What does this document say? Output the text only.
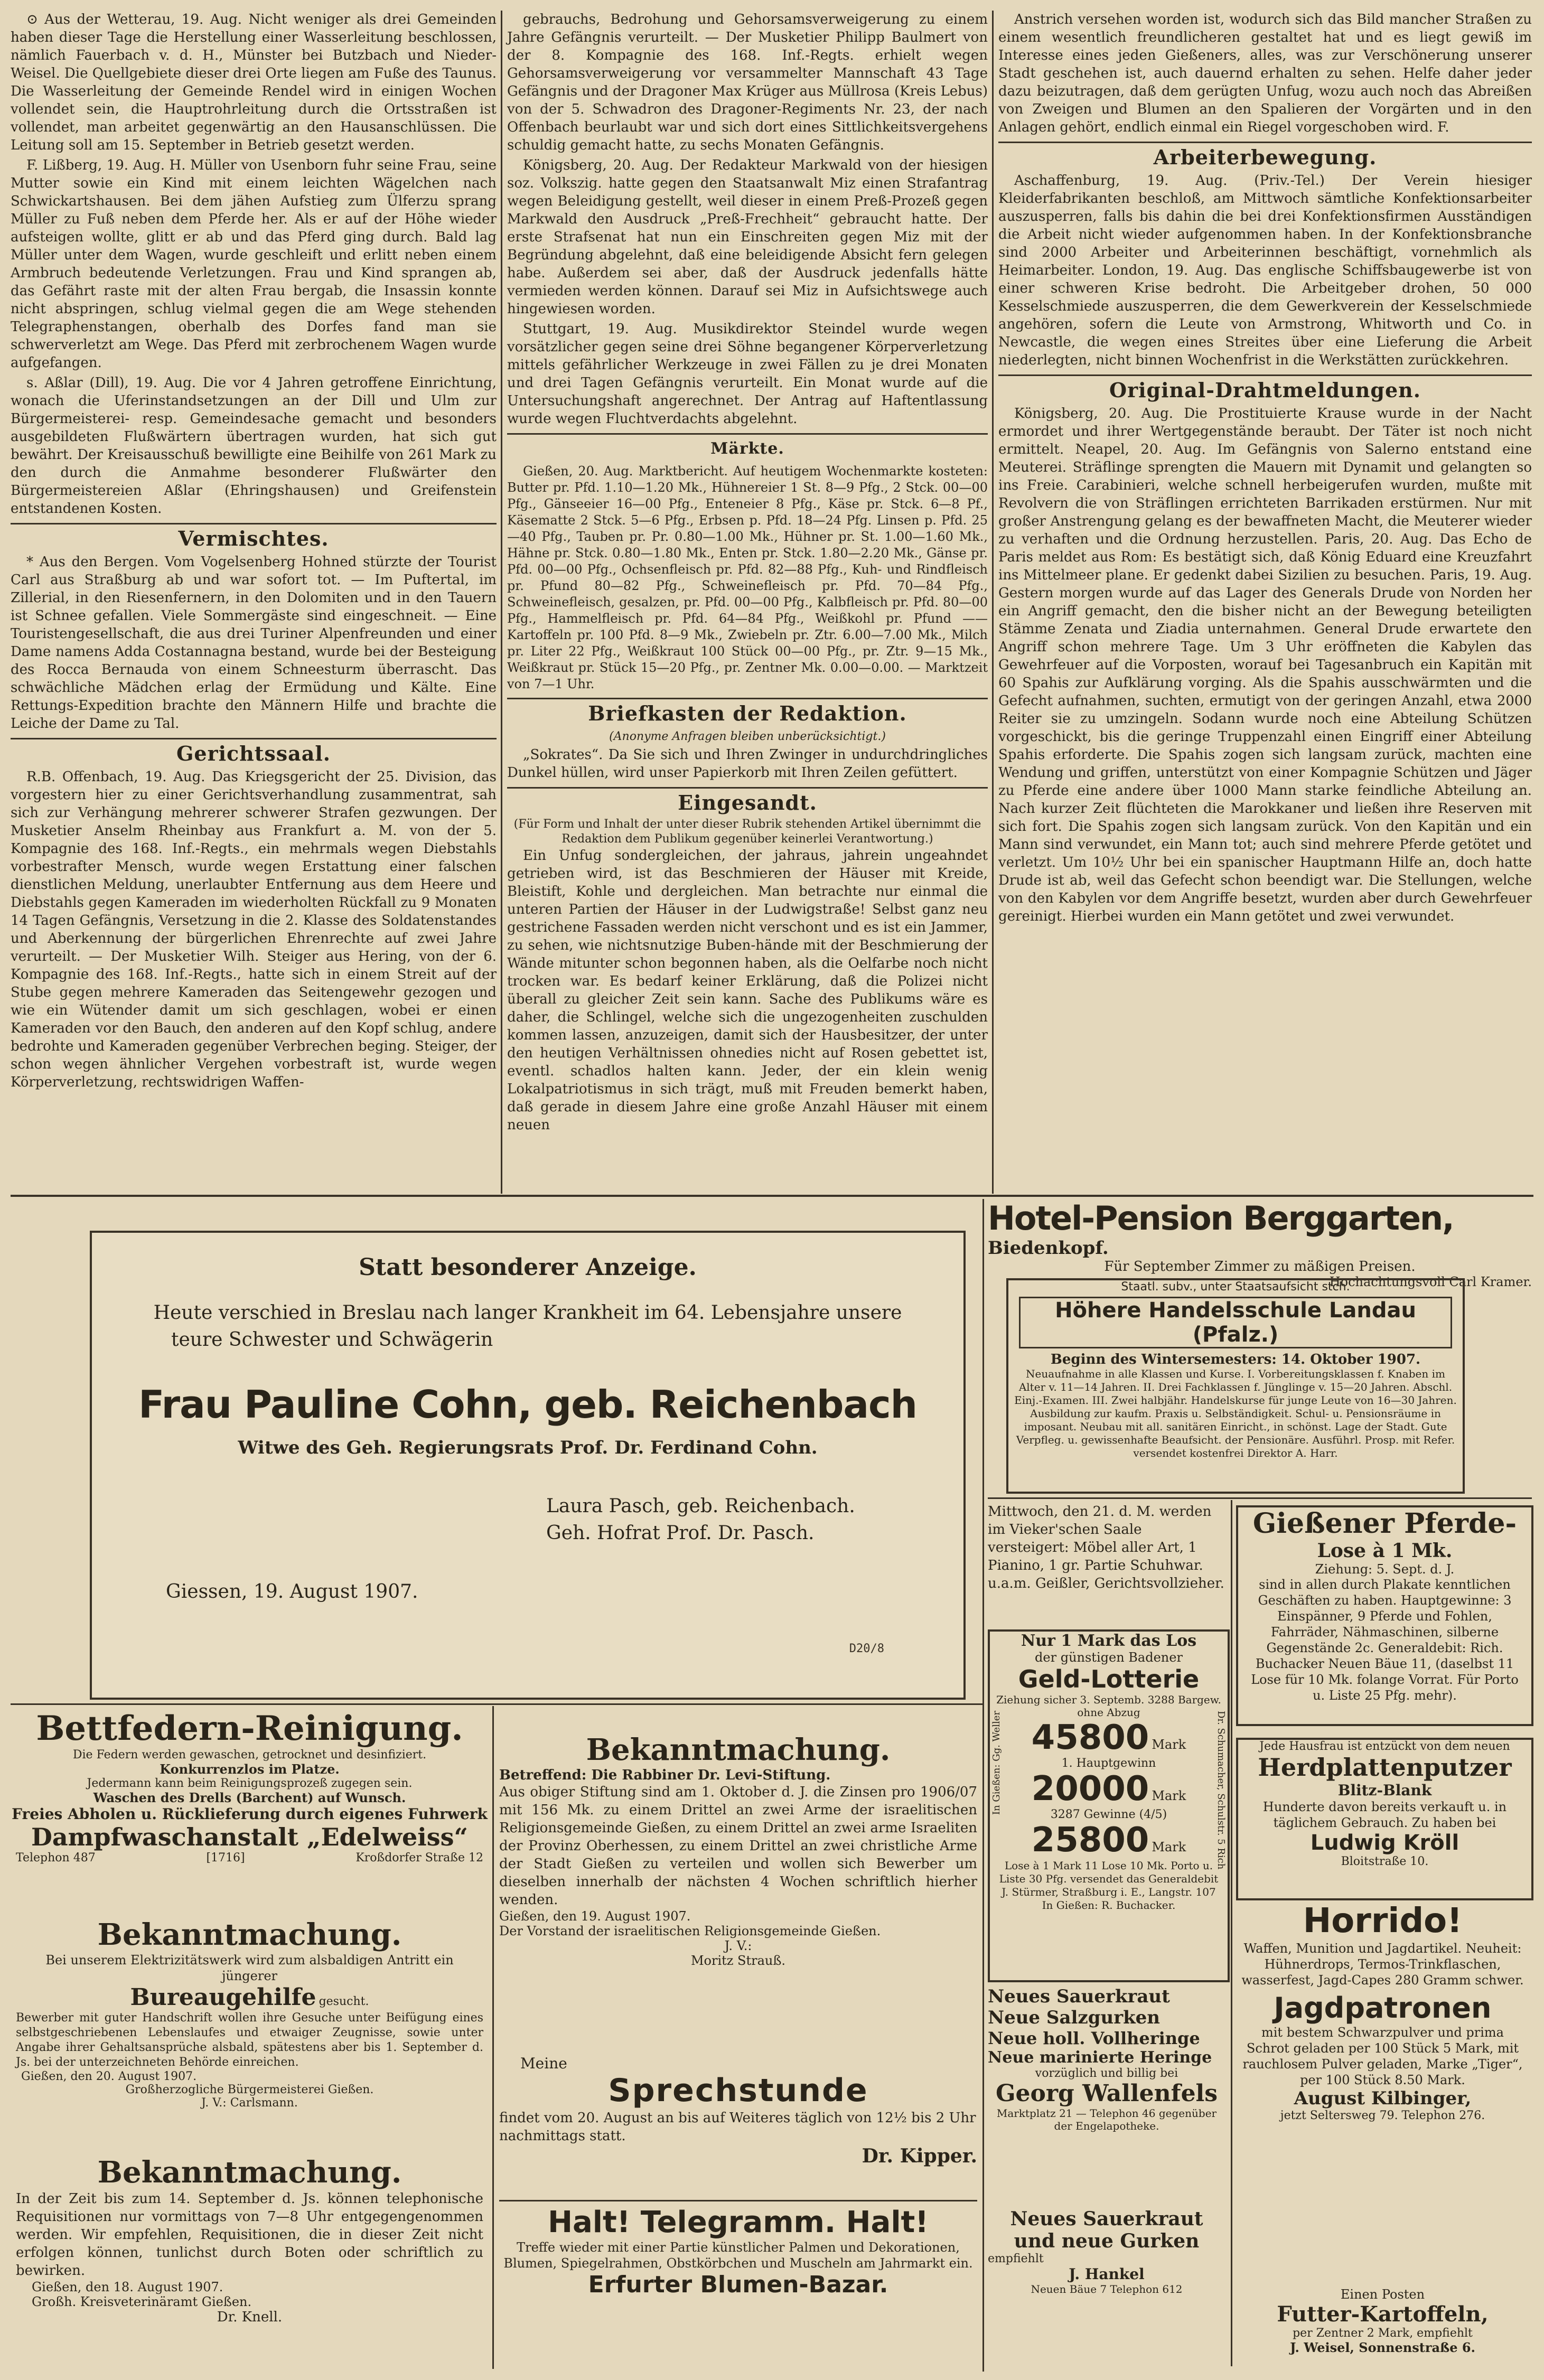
⊙ Aus der Wetterau, 19. Aug. Nicht weniger als drei Gemeinden haben dieser Tage die Herstellung einer Wasserleitung beschlossen, nämlich Fauerbach v. d. H., Münster bei Butzbach und Nieder-Weisel. Die Quellgebiete dieser drei Orte liegen am Fuße des Taunus. Die Wasserleitung der Gemeinde Rendel wird in einigen Wochen vollendet sein, die Hauptrohrleitung durch die Ortsstraßen ist vollendet, man arbeitet gegenwärtig an den Hausanschlüssen. Die Leitung soll am 15. September in Betrieb gesetzt werden.

F. Lißberg, 19. Aug. H. Müller von Usenborn fuhr seine Frau, seine Mutter sowie ein Kind mit einem leichten Wägelchen nach Schwickartshausen. Bei dem jähen Aufstieg zum Ülferzu sprang Müller zu Fuß neben dem Pferde her. Als er auf der Höhe wieder aufsteigen wollte, glitt er ab und das Pferd ging durch. Bald lag Müller unter dem Wagen, wurde geschleift und erlitt neben einem Armbruch bedeutende Verletzungen. Frau und Kind sprangen ab, das Gefährt raste mit der alten Frau bergab, die Insassin konnte nicht abspringen, schlug vielmal gegen die am Wege stehenden Telegraphenstangen, oberhalb des Dorfes fand man sie schwerverletzt am Wege. Das Pferd mit zerbrochenem Wagen wurde aufgefangen.

s. Aßlar (Dill), 19. Aug. Die vor 4 Jahren getroffene Einrichtung, wonach die Uferinstandsetzungen an der Dill und Ulm zur Bürgermeisterei- resp. Gemeindesache gemacht und besonders ausgebildeten Flußwärtern übertragen wurden, hat sich gut bewährt. Der Kreisausschuß bewilligte eine Beihilfe von 261 Mark zu den durch die Anmahme besonderer Flußwärter den Bürgermeistereien Aßlar (Ehringshausen) und Greifenstein entstandenen Kosten.

Vermischtes.

* Aus den Bergen. Vom Vogelsenberg Hohned stürzte der Tourist Carl aus Straßburg ab und war sofort tot. — Im Puftertal, im Zillerial, in den Riesenfernern, in den Dolomiten und in den Tauern ist Schnee gefallen. Viele Sommergäste sind eingeschneit. — Eine Touristengesellschaft, die aus drei Turiner Alpenfreunden und einer Dame namens Adda Costannagna bestand, wurde bei der Besteigung des Rocca Bernauda von einem Schneesturm überrascht. Das schwächliche Mädchen erlag der Ermüdung und Kälte. Eine Rettungs-Expedition brachte den Männern Hilfe und brachte die Leiche der Dame zu Tal.

Gerichtssaal.

R.B. Offenbach, 19. Aug. Das Kriegsgericht der 25. Division, das vorgestern hier zu einer Gerichtsverhandlung zusammentrat, sah sich zur Verhängung mehrerer schwerer Strafen gezwungen. Der Musketier Anselm Rheinbay aus Frankfurt a. M. von der 5. Kompagnie des 168. Inf.-Regts., ein mehrmals wegen Diebstahls vorbestrafter Mensch, wurde wegen Erstattung einer falschen dienstlichen Meldung, unerlaubter Entfernung aus dem Heere und Diebstahls gegen Kameraden im wiederholten Rückfall zu 9 Monaten 14 Tagen Gefängnis, Versetzung in die 2. Klasse des Soldatenstandes und Aberkennung der bürgerlichen Ehrenrechte auf zwei Jahre verurteilt. — Der Musketier Wilh. Steiger aus Hering, von der 6. Kompagnie des 168. Inf.-Regts., hatte sich in einem Streit auf der Stube gegen mehrere Kameraden das Seitengewehr gezogen und wie ein Wütender damit um sich geschlagen, wobei er einen Kameraden vor den Bauch, den anderen auf den Kopf schlug, andere bedrohte und Kameraden gegenüber Verbrechen beging. Steiger, der schon wegen ähnlicher Vergehen vorbestraft ist, wurde wegen Körperverletzung, rechtswidrigen Waffen-

gebrauchs, Bedrohung und Gehorsamsverweigerung zu einem Jahre Gefängnis verurteilt. — Der Musketier Philipp Baulmert von der 8. Kompagnie des 168. Inf.-Regts. erhielt wegen Gehorsamsverweigerung vor versammelter Mannschaft 43 Tage Gefängnis und der Dragoner Max Krüger aus Müllrosa (Kreis Lebus) von der 5. Schwadron des Dragoner-Regiments Nr. 23, der nach Offenbach beurlaubt war und sich dort eines Sittlichkeitsvergehens schuldig gemacht hatte, zu sechs Monaten Gefängnis.

Königsberg, 20. Aug. Der Redakteur Markwald von der hiesigen soz. Volkszig. hatte gegen den Staatsanwalt Miz einen Strafantrag wegen Beleidigung gestellt, weil dieser in einem Preß-Prozeß gegen Markwald den Ausdruck „Preß-Frechheit“ gebraucht hatte. Der erste Strafsenat hat nun ein Einschreiten gegen Miz mit der Begründung abgelehnt, daß eine beleidigende Absicht fern gelegen habe. Außerdem sei aber, daß der Ausdruck jedenfalls hätte vermieden werden können. Darauf sei Miz in Aufsichtswege auch hingewiesen worden.

Stuttgart, 19. Aug. Musikdirektor Steindel wurde wegen vorsätzlicher gegen seine drei Söhne begangener Körperverletzung mittels gefährlicher Werkzeuge in zwei Fällen zu je drei Monaten und drei Tagen Gefängnis verurteilt. Ein Monat wurde auf die Untersuchungshaft angerechnet. Der Antrag auf Haftentlassung wurde wegen Fluchtverdachts abgelehnt.

Märkte.

Gießen, 20. Aug. Marktbericht. Auf heutigem Wochenmarkte kosteten: Butter pr. Pfd. 1.10—1.20 Mk., Hühnereier 1 St. 8—9 Pfg., 2 Stck. 00—00 Pfg., Gänseeier 16—00 Pfg., Enteneier 8 Pfg., Käse pr. Stck. 6—8 Pf., Käsematte 2 Stck. 5—6 Pfg., Erbsen p. Pfd. 18—24 Pfg. Linsen p. Pfd. 25—40 Pfg., Tauben pr. Pr. 0.80—1.00 Mk., Hühner pr. St. 1.00—1.60 Mk., Hähne pr. Stck. 0.80—1.80 Mk., Enten pr. Stck. 1.80—2.20 Mk., Gänse pr. Pfd. 00—00 Pfg., Ochsenfleisch pr. Pfd. 82—88 Pfg., Kuh- und Rindfleisch pr. Pfund 80—82 Pfg., Schweinefleisch pr. Pfd. 70—84 Pfg., Schweinefleisch, gesalzen, pr. Pfd. 00—00 Pfg., Kalbfleisch pr. Pfd. 80—00 Pfg., Hammelfleisch pr. Pfd. 64—84 Pfg., Weißkohl pr. Pfund —— Kartoffeln pr. 100 Pfd. 8—9 Mk., Zwiebeln pr. Ztr. 6.00—7.00 Mk., Milch pr. Liter 22 Pfg., Weißkraut 100 Stück 00—00 Pfg., pr. Ztr. 9—15 Mk., Weißkraut pr. Stück 15—20 Pfg., pr. Zentner Mk. 0.00—0.00. — Marktzeit von 7—1 Uhr.

Briefkasten der Redaktion.
(Anonyme Anfragen bleiben unberücksichtigt.)

„Sokrates“. Da Sie sich und Ihren Zwinger in undurchdringliches Dunkel hüllen, wird unser Papierkorb mit Ihren Zeilen gefüttert.

Eingesandt.
(Für Form und Inhalt der unter dieser Rubrik stehenden Artikel übernimmt die Redaktion dem Publikum gegenüber keinerlei Verantwortung.)

Ein Unfug sondergleichen, der jahraus, jahrein ungeahndet getrieben wird, ist das Beschmieren der Häuser mit Kreide, Bleistift, Kohle und dergleichen. Man betrachte nur einmal die unteren Partien der Häuser in der Ludwigstraße! Selbst ganz neu gestrichene Fassaden werden nicht verschont und es ist ein Jammer, zu sehen, wie nichtsnutzige Buben-hände mit der Beschmierung der Wände mitunter schon begonnen haben, als die Oelfarbe noch nicht trocken war. Es bedarf keiner Erklärung, daß die Polizei nicht überall zu gleicher Zeit sein kann. Sache des Publikums wäre es daher, die Schlingel, welche sich die ungezogenheiten zuschulden kommen lassen, anzuzeigen, damit sich der Hausbesitzer, der unter den heutigen Verhältnissen ohnedies nicht auf Rosen gebettet ist, eventl. schadlos halten kann. Jeder, der ein klein wenig Lokalpatriotismus in sich trägt, muß mit Freuden bemerkt haben, daß gerade in diesem Jahre eine große Anzahl Häuser mit einem neuen

Anstrich versehen worden ist, wodurch sich das Bild mancher Straßen zu einem wesentlich freundlicheren gestaltet hat und es liegt gewiß im Interesse eines jeden Gießeners, alles, was zur Verschönerung unserer Stadt geschehen ist, auch dauernd erhalten zu sehen. Helfe daher jeder dazu beizutragen, daß dem gerügten Unfug, wozu auch noch das Abreißen von Zweigen und Blumen an den Spalieren der Vorgärten und in den Anlagen gehört, endlich einmal ein Riegel vorgeschoben wird. F.

Arbeiterbewegung.

Aschaffenburg, 19. Aug. (Priv.-Tel.) Der Verein hiesiger Kleiderfabrikanten beschloß, am Mittwoch sämtliche Konfektionsarbeiter auszusperren, falls bis dahin die bei drei Konfektionsfirmen Ausständigen die Arbeit nicht wieder aufgenommen haben. In der Konfektionsbranche sind 2000 Arbeiter und Arbeiterinnen beschäftigt, vornehmlich als Heimarbeiter. London, 19. Aug. Das englische Schiffsbaugewerbe ist von einer schweren Krise bedroht. Die Arbeitgeber drohen, 50 000 Kesselschmiede auszusperren, die dem Gewerkverein der Kesselschmiede angehören, sofern die Leute von Armstrong, Whitworth und Co. in Newcastle, die wegen eines Streites über eine Lieferung die Arbeit niederlegten, nicht binnen Wochenfrist in die Werkstätten zurückkehren.

Original-Drahtmeldungen.

Königsberg, 20. Aug. Die Prostituierte Krause wurde in der Nacht ermordet und ihrer Wertgegenstände beraubt. Der Täter ist noch nicht ermittelt. Neapel, 20. Aug. Im Gefängnis von Salerno entstand eine Meuterei. Sträflinge sprengten die Mauern mit Dynamit und gelangten so ins Freie. Carabinieri, welche schnell herbeigerufen wurden, mußte mit Revolvern die von Sträflingen errichteten Barrikaden erstürmen. Nur mit großer Anstrengung gelang es der bewaffneten Macht, die Meuterer wieder zu verhaften und die Ordnung herzustellen. Paris, 20. Aug. Das Echo de Paris meldet aus Rom: Es bestätigt sich, daß König Eduard eine Kreuzfahrt ins Mittelmeer plane. Er gedenkt dabei Sizilien zu besuchen. Paris, 19. Aug. Gestern morgen wurde auf das Lager des Generals Drude von Norden her ein Angriff gemacht, den die bisher nicht an der Bewegung beteiligten Stämme Zenata und Ziadia unternahmen. General Drude erwartete den Angriff schon mehrere Tage. Um 3 Uhr eröffneten die Kabylen das Gewehrfeuer auf die Vorposten, worauf bei Tagesanbruch ein Kapitän mit 60 Spahis zur Aufklärung vorging. Als die Spahis ausschwärmten und die Gefecht aufnahmen, suchten, ermutigt von der geringen Anzahl, etwa 2000 Reiter sie zu umzingeln. Sodann wurde noch eine Abteilung Schützen vorgeschickt, bis die geringe Truppenzahl einen Eingriff einer Abteilung Spahis erforderte. Die Spahis zogen sich langsam zurück, machten eine Wendung und griffen, unterstützt von einer Kompagnie Schützen und Jäger zu Pferde eine andere über 1000 Mann starke feindliche Abteilung an. Nach kurzer Zeit flüchteten die Marokkaner und ließen ihre Reserven mit sich fort. Die Spahis zogen sich langsam zurück. Von den Kapitän und ein Mann sind verwundet, ein Mann tot; auch sind mehrere Pferde getötet und verletzt. Um 10½ Uhr bei ein spanischer Hauptmann Hilfe an, doch hatte Drude ist ab, weil das Gefecht schon beendigt war. Die Stellungen, welche von den Kabylen vor dem Angriffe besetzt, wurden aber durch Gewehrfeuer gereinigt. Hierbei wurden ein Mann getötet und zwei verwundet.

Statt besonderer Anzeige.
Heute verschied in Breslau nach langer Krankheit im 64. Lebensjahre unsere
teure Schwester und Schwägerin
Frau Pauline Cohn, geb. Reichenbach
Witwe des Geh. Regierungsrats Prof. Dr. Ferdinand Cohn.
Laura Pasch, geb. Reichenbach.
Geh. Hofrat Prof. Dr. Pasch.
Giessen, 19. August 1907.
D20/8
Hotel-Pension Berggarten, Biedenkopf.
Für September Zimmer zu mäßigen Preisen.
Hochachtungsvoll Carl Kramer.
Staatl. subv., unter Staatsaufsicht stch.
Höhere Handelsschule Landau (Pfalz.)
Beginn des Wintersemesters: 14. Oktober 1907.
Neuaufnahme in alle Klassen und Kurse. I. Vorbereitungsklassen f. Knaben im Alter v. 11—14 Jahren. II. Drei Fachklassen f. Jünglinge v. 15—20 Jahren. Abschl. Einj.-Examen. III. Zwei halbjähr. Handelskurse für junge Leute von 16—30 Jahren. Ausbildung zur kaufm. Praxis u. Selbständigkeit. Schul- u. Pensionsräume in imposant. Neubau mit all. sanitären Einricht., in schönst. Lage der Stadt. Gute Verpfleg. u. gewissenhafte Beaufsicht. der Pensionäre. Ausführl. Prosp. mit Refer. versendet kostenfrei Direktor A. Harr.
Mittwoch, den 21. d. M. werden im Vieker'schen Saale versteigert: Möbel aller Art, 1 Pianino, 1 gr. Partie Schuhwar. u.a.m. Geißler, Gerichtsvollzieher.
Gießener Pferde-
Lose à 1 Mk.
Ziehung: 5. Sept. d. J.
sind in allen durch Plakate kenntlichen Geschäften zu haben. Hauptgewinne: 3 Einspänner, 9 Pferde und Fohlen, Fahrräder, Nähmaschinen, silberne Gegenstände 2c. Generaldebit: Rich. Buchacker Neuen Bäue 11, (daselbst 11 Lose für 10 Mk. folange Vorrat. Für Porto u. Liste 25 Pfg. mehr).
Nur 1 Mark das Los
der günstigen Badener
Geld-Lotterie
Ziehung sicher 3. Septemb. 3288 Bargew. ohne Abzug
45800 Mark
1. Hauptgewinn
20000 Mark
3287 Gewinne (4/5)
25800 Mark
Lose à 1 Mark 11 Lose 10 Mk. Porto u. Liste 30 Pfg. versendet das Generaldebit J. Stürmer, Straßburg i. E., Langstr. 107 In Gießen: R. Buchacker.
In Gießen: Gg. Weller	Dr. Schumacher, Schulstr. 5 Rich	Jede Hausfrau ist entzückt von dem neuen
Herdplattenputzer
Blitz-Blank
Hunderte davon bereits verkauft u. in täglichem Gebrauch. Zu haben bei
Ludwig Kröll
Bloitstraße 10.
Horrido!
Waffen, Munition und Jagdartikel. Neuheit: Hühnerdrops, Termos-Trinkflaschen, wasserfest, Jagd-Capes 280 Gramm schwer.
Jagdpatronen
mit bestem Schwarzpulver und prima Schrot geladen per 100 Stück 5 Mark, mit rauchlosem Pulver geladen, Marke „Tiger“, per 100 Stück 8.50 Mark.
August Kilbinger,
jetzt Seltersweg 79. Telephon 276.
Neues Sauerkraut
Neue Salzgurken
Neue holl. Vollheringe
Neue marinierte Heringe
vorzüglich und billig bei
Georg Wallenfels
Marktplatz 21 — Telephon 46 gegenüber der Engelapotheke.
Neues Sauerkraut
und neue Gurken
empfiehlt
J. Hankel
Neuen Bäue 7 Telephon 612	Einen Posten
Futter-Kartoffeln,
per Zentner 2 Mark, empfiehlt
J. Weisel, Sonnenstraße 6.
Bettfedern-Reinigung.
Die Federn werden gewaschen, getrocknet und desinfiziert.
Konkurrenzlos im Platze.
Jedermann kann beim Reinigungsprozeß zugegen sein.
Waschen des Drells (Barchent) auf Wunsch.
Freies Abholen u. Rücklieferung durch eigenes Fuhrwerk
Dampfwaschanstalt „Edelweiss“
Telephon 487	[1716]	Kroßdorfer Straße 12
Bekanntmachung.
Bei unserem Elektrizitätswerk wird zum alsbaldigen Antritt ein jüngerer
Bureaugehilfe gesucht.
Bewerber mit guter Handschrift wollen ihre Gesuche unter Beifügung eines selbstgeschriebenen Lebenslaufes und etwaiger Zeugnisse, sowie unter Angabe ihrer Gehaltsansprüche alsbald, spätestens aber bis 1. September d. Js. bei der unterzeichneten Behörde einreichen.
Gießen, den 20. August 1907.
Großherzogliche Bürgermeisterei Gießen.
J. V.: Carlsmann.
Bekanntmachung.
In der Zeit bis zum 14. September d. Js. können telephonische Requisitionen nur vormittags von 7—8 Uhr entgegengenommen werden. Wir empfehlen, Requisitionen, die in dieser Zeit nicht erfolgen können, tunlichst durch Boten oder schriftlich zu bewirken.
Gießen, den 18. August 1907.
Großh. Kreisveterinäramt Gießen.
Dr. Knell.
Bekanntmachung.
Betreffend: Die Rabbiner Dr. Levi-Stiftung.
Aus obiger Stiftung sind am 1. Oktober d. J. die Zinsen pro 1906/07 mit 156 Mk. zu einem Drittel an zwei Arme der israelitischen Religionsgemeinde Gießen, zu einem Drittel an zwei arme Israeliten der Provinz Oberhessen, zu einem Drittel an zwei christliche Arme der Stadt Gießen zu verteilen und wollen sich Bewerber um dieselben innerhalb der nächsten 4 Wochen schriftlich hierher wenden.
Gießen, den 19. August 1907.
Der Vorstand der israelitischen Religionsgemeinde Gießen.
J. V.:
Moritz Strauß.
Meine
Sprechstunde
findet vom 20. August an bis auf Weiteres täglich von 12½ bis 2 Uhr nachmittags statt.
Dr. Kipper.
Halt! Telegramm. Halt!
Treffe wieder mit einer Partie künstlicher Palmen und Dekorationen, Blumen, Spiegelrahmen, Obstkörbchen und Muscheln am Jahrmarkt ein.
Erfurter Blumen-Bazar.
